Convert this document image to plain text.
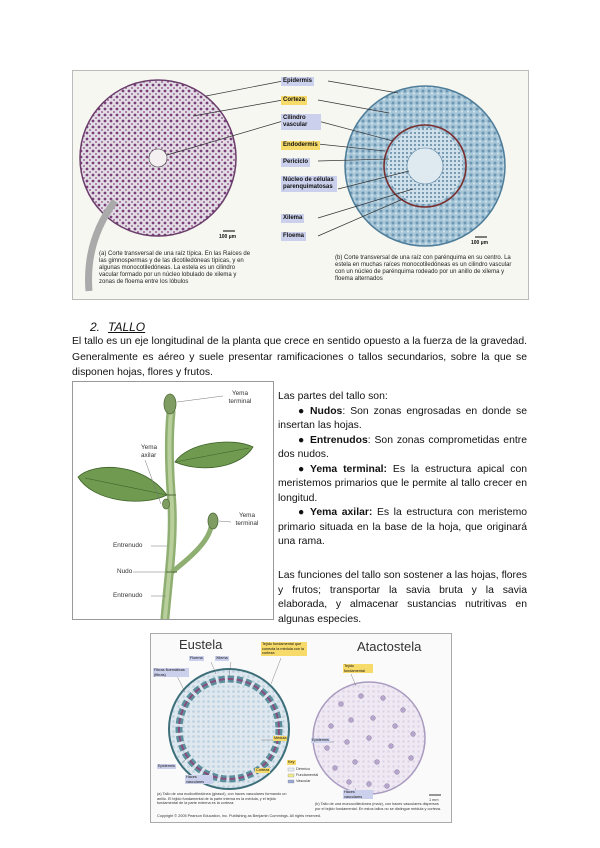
Epidermis
Corteza
Cilindro vascular
Endodermis
Periciclo
Núcleo de células parenquimatosas
Xilema
Floema
100 µm
100 µm
(a) Corte transversal de una raíz típica. En las Raíces de las gimnospermas y de las dicotiledóneas típicas, y en algunas monocotiledóneas. La estela es un cilindro vacular formado por un núcleo lobulado de xilema y zonas de floema entre los lóbulos
(b) Corte transversal de una raíz con parénquima en su centro. La estela en muchas raíces monocotiledóneas es un cilindro vascular con un núcleo de parénquima rodeado por un anillo de xilema y floema alternados
2. TALLO
El tallo es un eje longitudinal de la planta que crece en sentido opuesto a la fuerza de la gravedad. Generalmente es aéreo y suele presentar ramificaciones o tallos secundarios, sobre la que se disponen hojas, flores y frutos.
Yema terminal
Yema axilar
Yema terminal
Entrenudo
Nudo
Entrenudo

Las partes del tallo son:

● Nudos: Son zonas engrosadas en donde se insertan las hojas.
● Entrenudos: Son zonas comprometidas entre dos nudos.
● Yema terminal: Es la estructura apical con meristemos primarios que le permite al tallo crecer en longitud.
● Yema axilar: Es la estructura con meristemo primario situada en la base de la hoja, que originará una rama.
Las funciones del tallo son sostener a las hojas, flores y frutos; transportar la savia bruta y la savia elaborada, y almacenar sustancias nutritivas en algunas especies.
Eustela	Atactostela
Floema	Xilema
Fibras floemáticas (fibras)
Tejido fundamental que conecta la médula con la corteza
Médula
Epidermis
Haces vasculares
Corteza
Tejido fundamental
Epidermis
Haces vasculares
Key
Dérmico
Fundamental
Vascular
1 mm
(a) Tallo de una eudicotiledónea (girasol), con haces vasculares formando un anillo. El tejido fundamental de la parte interna es la médula, y el tejido fundamental de la parte externa es la corteza.	(b) Tallo de una monocotiledónea (maíz), con haces vasculares dispersos por el tejido fundamental. En estos tallos no se distingue médula y corteza.
Copyright © 2005 Pearson Education, Inc. Publishing as Benjamin Cummings. All rights reserved.
